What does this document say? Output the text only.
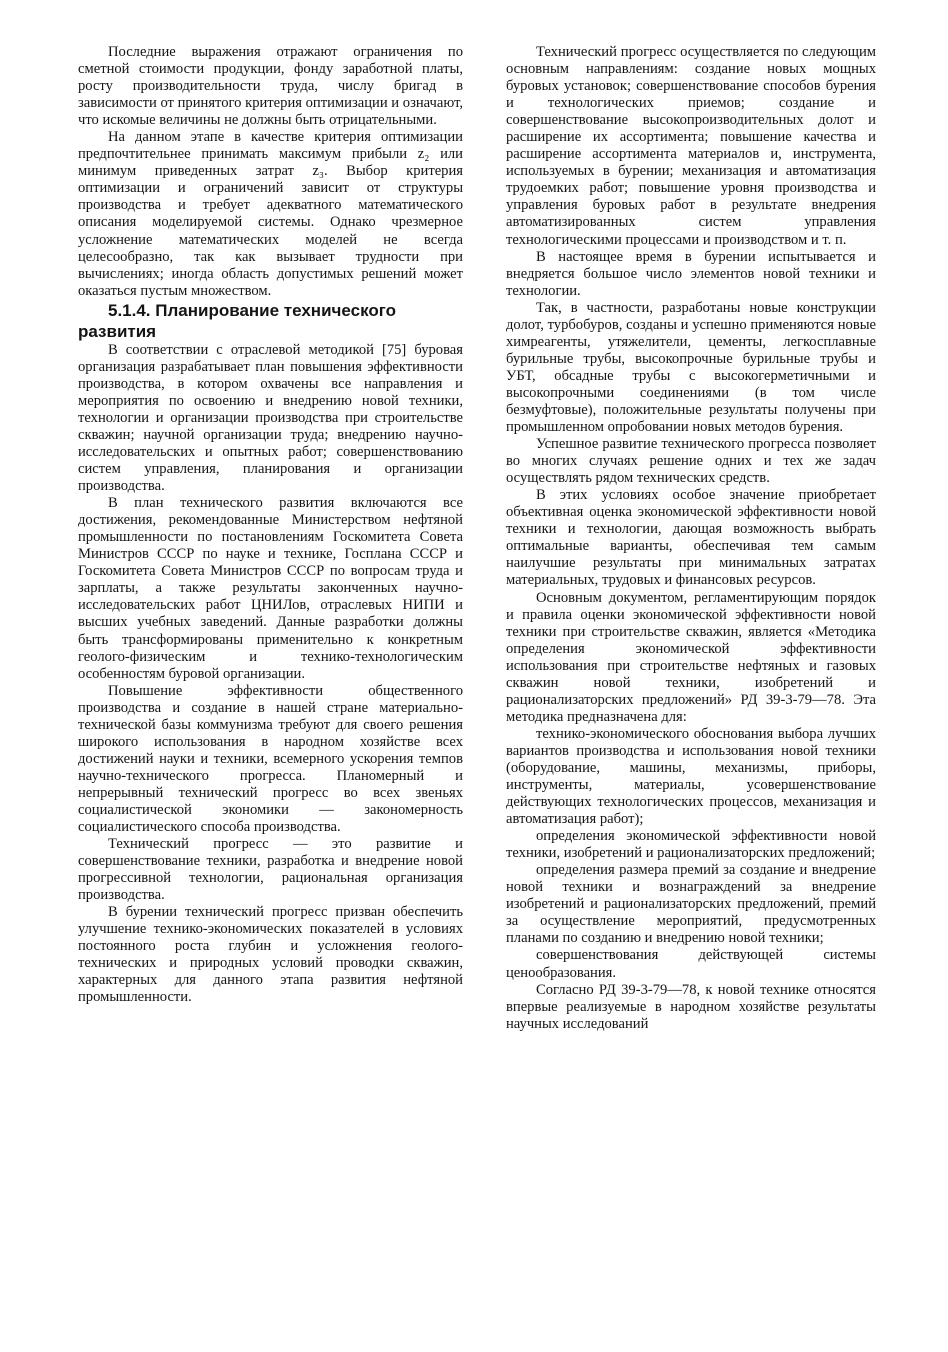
Последние выражения отражают ограничения по сметной стоимости продукции, фонду заработной платы, росту производительности труда, числу бригад в зависимости от принятого критерия оптимизации и означают, что искомые величины не должны быть отрицательными.

На данном этапе в качестве критерия оптимизации предпочтительнее принимать максимум прибыли z₂ или минимум приведенных затрат z₃. Выбор критерия оптимизации и ограничений зависит от структуры производства и требует адекватного математического описания моделируемой системы. Однако чрезмерное усложнение математических моделей не всегда целесообразно, так как вызывает трудности при вычислениях; иногда область допустимых решений может оказаться пустым множеством.

5.1.4. Планирование технического развития

В соответствии с отраслевой методикой [75] буровая организация разрабатывает план повышения эффективности производства, в котором охвачены все направления и мероприятия по освоению и внедрению новой техники, технологии и организации производства при строительстве скважин; научной организации труда; внедрению научно-исследовательских и опытных работ; совершенствованию систем управления, планирования и организации производства.

В план технического развития включаются все достижения, рекомендованные Министерством нефтяной промышленности по постановлениям Госкомитета Совета Министров СССР по науке и технике, Госплана СССР и Госкомитета Совета Министров СССР по вопросам труда и зарплаты, а также результаты законченных научно-исследовательских работ ЦНИЛов, отраслевых НИПИ и высших учебных заведений. Данные разработки должны быть трансформированы применительно к конкретным геолого-физическим и технико-технологическим особенностям буровой организации.

Повышение эффективности общественного производства и создание в нашей стране материально-технической базы коммунизма требуют для своего решения широкого использования в народном хозяйстве всех достижений науки и техники, всемерного ускорения темпов научно-технического прогресса. Планомерный и непрерывный технический прогресс во всех звеньях социалистической экономики — закономерность социалистического способа производства.

Технический прогресс — это развитие и совершенствование техники, разработка и внедрение новой прогрессивной технологии, рациональная организация производства.

В бурении технический прогресс призван обеспечить улучшение технико-экономических показателей в условиях постоянного роста глубин и усложнения геолого-технических и природных условий проводки скважин, характерных для данного этапа развития нефтяной промышленности.

Технический прогресс осуществляется по следующим основным направлениям: создание новых мощных буровых установок; совершенствование способов бурения и технологических приемов; создание и совершенствование высокопроизводительных долот и расширение их ассортимента; повышение качества и расширение ассортимента материалов и, инструмента, используемых в бурении; механизация и автоматизация трудоемких работ; повышение уровня производства и управления буровых работ в результате внедрения автоматизированных систем управления технологическими процессами и производством и т. п.

В настоящее время в бурении испытывается и внедряется большое число элементов новой техники и технологии.

Так, в частности, разработаны новые конструкции долот, турбобуров, созданы и успешно применяются новые химреагенты, утяжелители, цементы, легкосплавные бурильные трубы, высокопрочные бурильные трубы и УБТ, обсадные трубы с высокогерметичными и высокопрочными соединениями (в том числе безмуфтовые), положительные результаты получены при промышленном опробовании новых методов бурения.

Успешное развитие технического прогресса позволяет во многих случаях решение одних и тех же задач осуществлять рядом технических средств.

В этих условиях особое значение приобретает объективная оценка экономической эффективности новой техники и технологии, дающая возможность выбрать оптимальные варианты, обеспечивая тем самым наилучшие результаты при минимальных затратах материальных, трудовых и финансовых ресурсов.

Основным документом, регламентирующим порядок и правила оценки экономической эффективности новой техники при строительстве скважин, является «Методика определения экономической эффективности использования при строительстве нефтяных и газовых скважин новой техники, изобретений и рационализаторских предложений» РД 39-3-79—78. Эта методика предназначена для:

технико-экономического обоснования выбора лучших вариантов производства и использования новой техники (оборудование, машины, механизмы, приборы, инструменты, материалы, усовершенствование действующих технологических процессов, механизация и автоматизация работ);

определения экономической эффективности новой техники, изобретений и рационализаторских предложений;

определения размера премий за создание и внедрение новой техники и вознаграждений за внедрение изобретений и рационализаторских предложений, премий за осуществление мероприятий, предусмотренных планами по созданию и внедрению новой техники;

совершенствования действующей системы ценообразования.

Согласно РД 39-3-79—78, к новой технике относятся впервые реализуемые в народном хозяйстве результаты научных исследований
